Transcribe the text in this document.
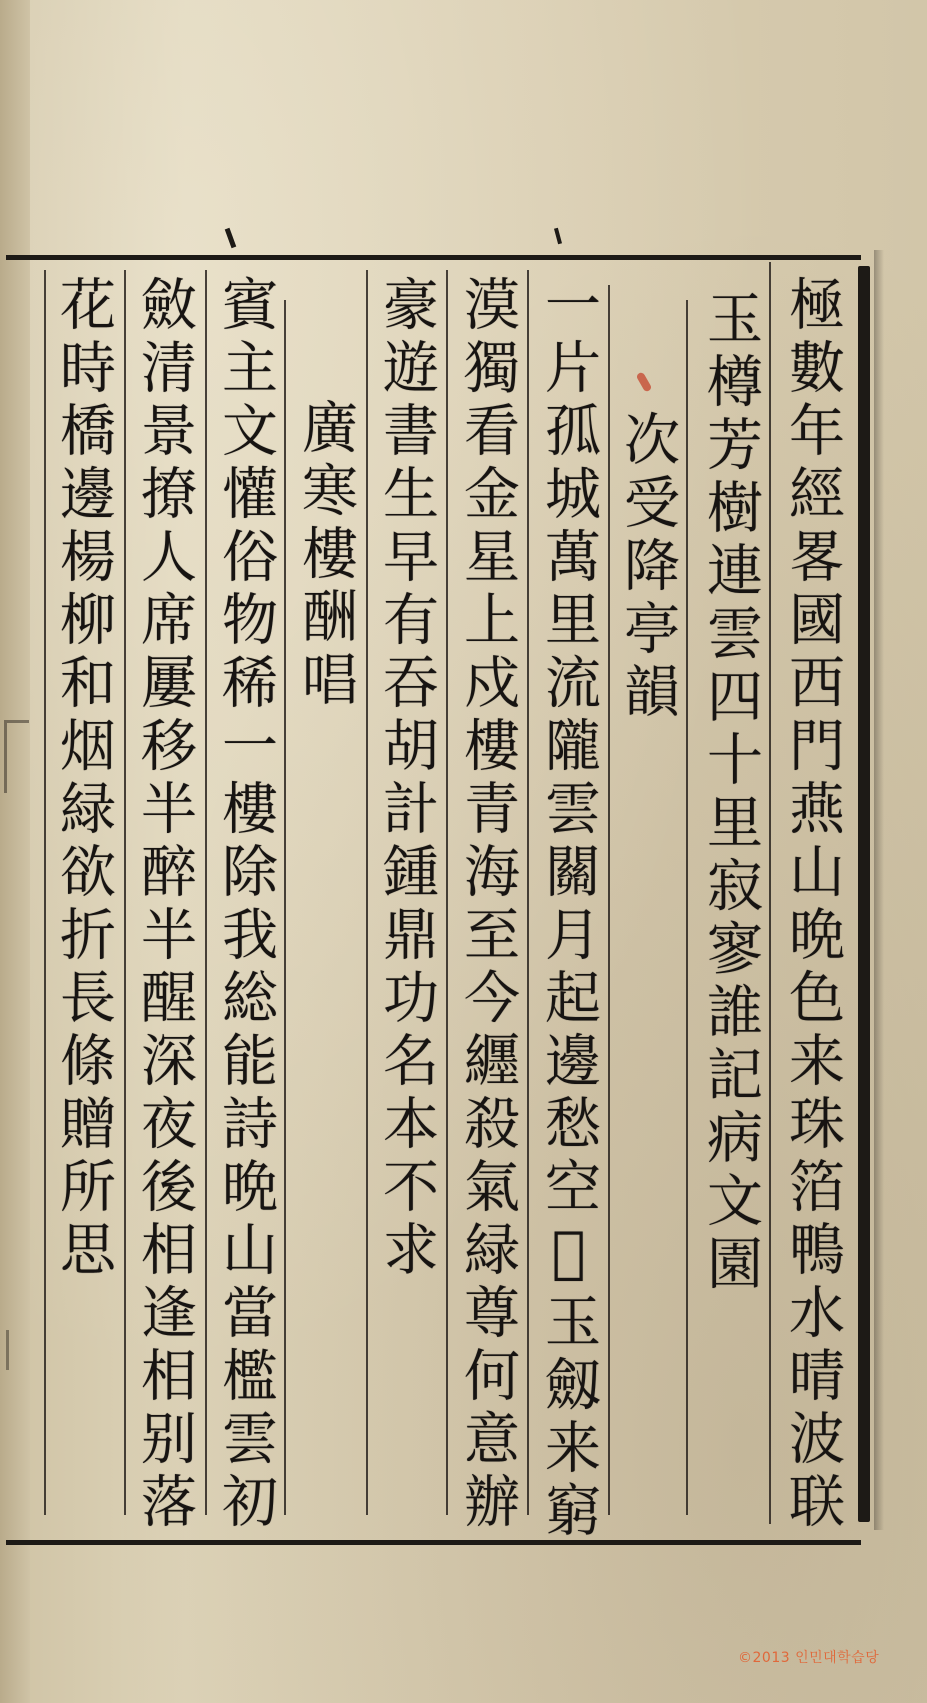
極數年經畧國西門燕山晩色来珠箔鴨水晴波联
玉樽芳樹連雲四十里寂寥誰記病文園
次受降亭韻
一片孤城萬里流隴雲關月起邊愁空𨦟玉劔来窮
漠獨看金星上戍樓青海至今纒殺氣緑尊何意辦
豪遊書生早有吞胡計鍾鼎功名本不求
廣寒樓酬唱
賓主文懽俗物稀一樓除我総能詩晩山當檻雲初
斂清景撩人席屢移半醉半醒深夜後相逢相别落
花時橋邊楊柳和烟緑欲折長條贈所思
©2013 인민대학습당
